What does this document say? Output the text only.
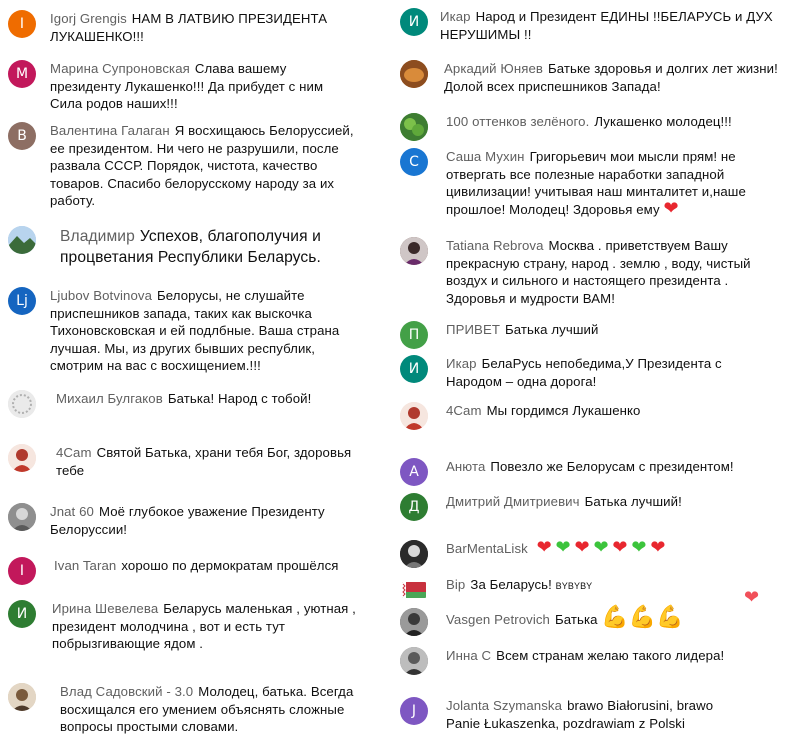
I	Igorj Grengis НАМ В ЛАТВИЮ ПРЕЗИДЕНТА ЛУКАШЕНКО!!!
М	Марина Супроновская Слава вашему президенту Лукашенко!!! Да прибудет с ним Сила родов наших!!!
В	Валентина Галаган Я восхищаюсь Белоруссией, ее президентом. Ни чего не разрушили, после развала СССР. Порядок, чистота, качество товаров. Спасибо белорусскому народу за их работу.
Владимир Успехов, благополучия и процветания Республики Беларусь.
Lj	Ljubov Botvinova Белорусы, не слушайте приспешников запада, таких как выскочка Тихоновсковская и ей подлбные. Ваша страна лучшая. Мы, из других бывших республик, смотрим на вас с восхищением.!!!
Михаил Булгаков Батька! Народ с тобой!
4Cam Святой Батька, храни тебя Бог, здоровья тебе
Jnat 60 Моё глубокое уважение Президенту Белоруссии!
I	Ivan Taran хорошо по дермократам прошёлся
И	Ирина Шевелева Беларусь маленькая , уютная , президент молодчина , вот и есть тут побрызгивающие ядом .
Влад Садовский - 3.0 Молодец, батька. Всегда восхищался его умением объяснять сложные вопросы простыми словами.
И	Икар Народ и Президент ЕДИНЫ !!БЕЛАРУСЬ и ДУХ НЕРУШИМЫ !!
Аркадий Юняев Батьке здоровья и долгих лет жизни! Долой всех приспешников Запада!
100 оттенков зелёного. Лукашенко молодец!!!
С	Саша Мухин Григорьевич мои мысли прям! не отвергать все полезные наработки западной цивилизации! учитывая наш минталитет и,наше прошлое! Молодец! Здоровья ему ❤
Tatiana Rebrova Москва . приветствуем Вашу прекрасную страну, народ . землю , воду, чистый воздух и сильного и настоящего президента . Здоровья и мудрости ВАМ!
П	ПРИВЕТ Батька лучший
И	Икар БелаРусь непобедима,У Президента с Народом – одна дорога!
4Cam Мы гордимся Лукашенко
А	Анюта Повезло же Белорусам с президентом!
Д	Дмитрий Дмитриевич Батька лучший!
BarMentaLisk ❤ ❤ ❤ ❤ ❤ ❤ ❤
Bip За Беларусь! BYBYBY
❤
Vasgen Petrovich Батька 💪💪💪
Инна С Всем странам желаю такого лидера!
J	Jolanta Szymanska brawo Białorusini, brawo Panie Łukaszenka, pozdrawiam z Polski
